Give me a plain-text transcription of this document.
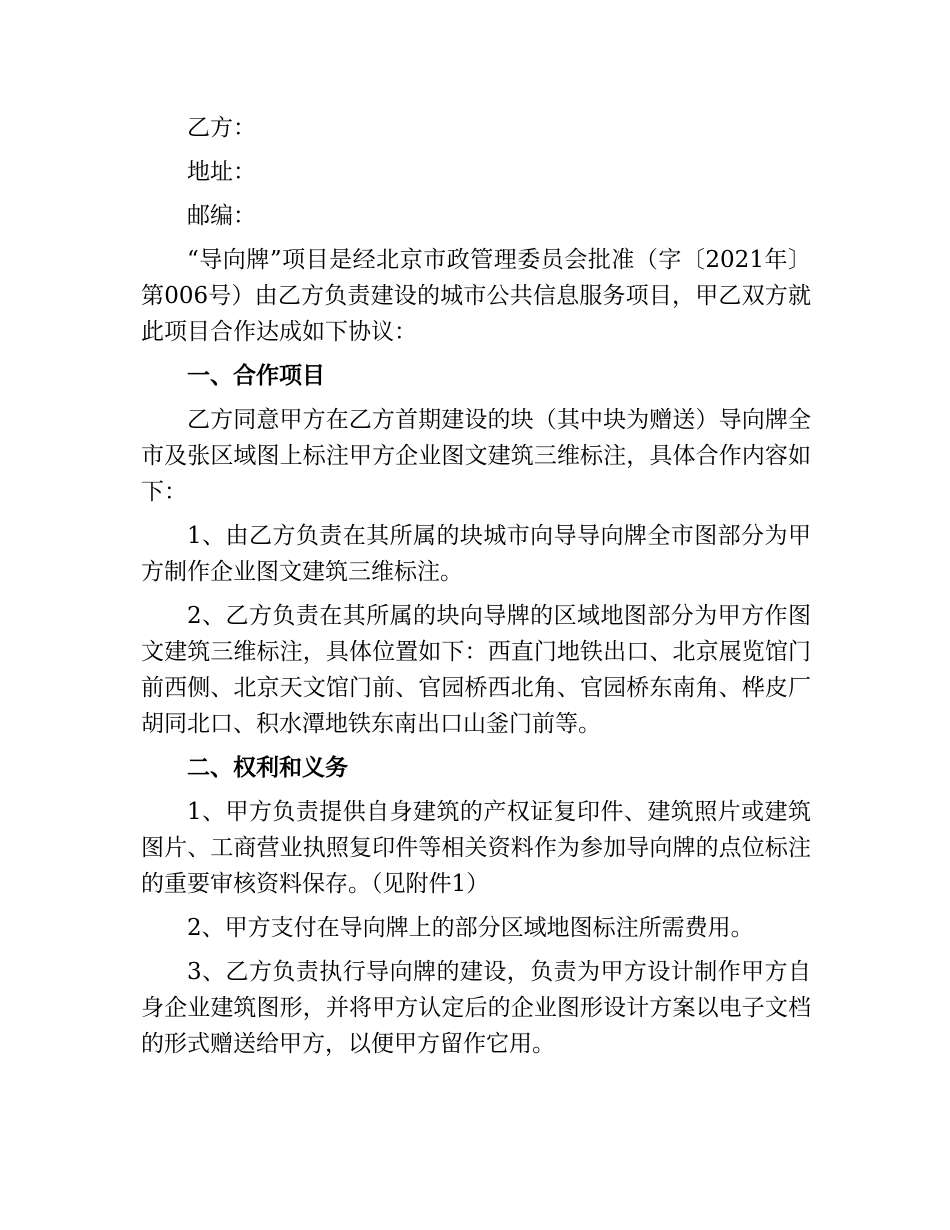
乙方：

地址：

邮编：

“导向牌”项目是经北京市政管理委员会批准（字〔2021年〕第006号）由乙方负责建设的城市公共信息服务项目，甲乙双方就此项目合作达成如下协议：

一、合作项目

乙方同意甲方在乙方首期建设的块（其中块为赠送）导向牌全市及张区域图上标注甲方企业图文建筑三维标注，具体合作内容如下：

1、由乙方负责在其所属的块城市向导导向牌全市图部分为甲方制作企业图文建筑三维标注。

2、乙方负责在其所属的块向导牌的区域地图部分为甲方作图文建筑三维标注，具体位置如下：西直门地铁出口、北京展览馆门前西侧、北京天文馆门前、官园桥西北角、官园桥东南角、桦皮厂胡同北口、积水潭地铁东南出口山釜门前等。

二、权利和义务

1、甲方负责提供自身建筑的产权证复印件、建筑照片或建筑图片、工商营业执照复印件等相关资料作为参加导向牌的点位标注的重要审核资料保存。（见附件1）

2、甲方支付在导向牌上的部分区域地图标注所需费用。

3、乙方负责执行导向牌的建设，负责为甲方设计制作甲方自身企业建筑图形，并将甲方认定后的企业图形设计方案以电子文档的形式赠送给甲方，以便甲方留作它用。
